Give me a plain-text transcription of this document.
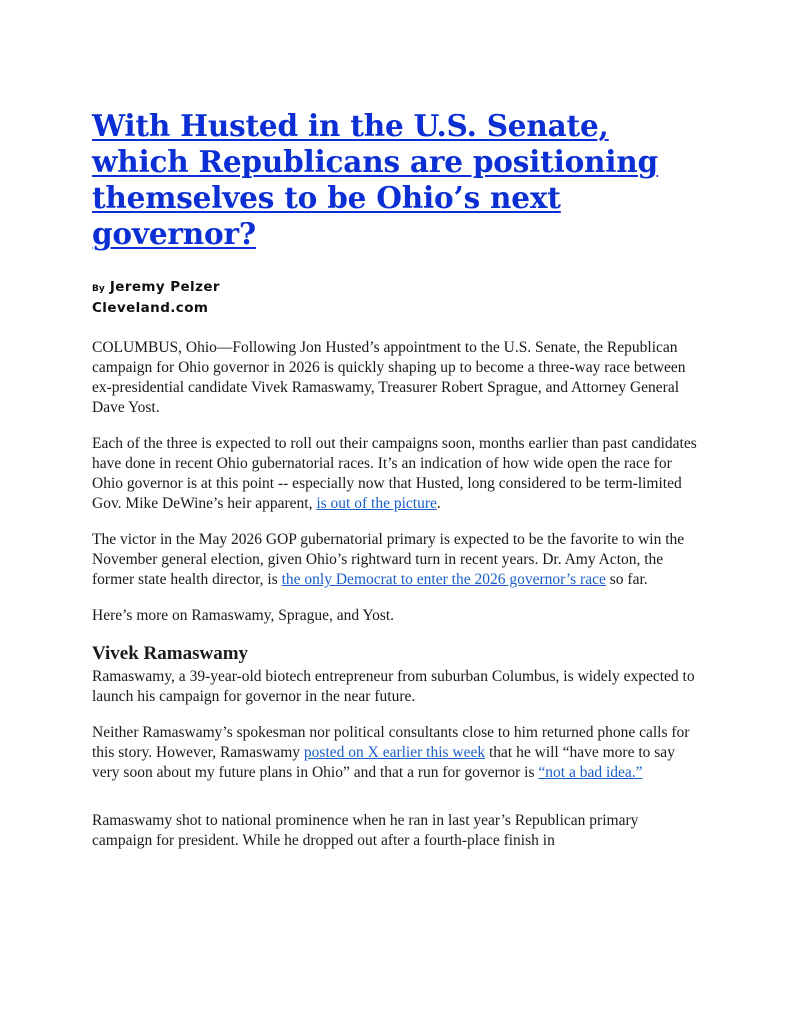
With Husted in the U.S. Senate, which Republicans are positioning themselves to be Ohio’s next governor?
By Jeremy Pelzer
Cleveland.com

COLUMBUS, Ohio—Following Jon Husted’s appointment to the U.S. Senate, the Republican campaign for Ohio governor in 2026 is quickly shaping up to become a three-way race between ex-presidential candidate Vivek Ramaswamy, Treasurer Robert Sprague, and Attorney General Dave Yost.

Each of the three is expected to roll out their campaigns soon, months earlier than past candidates have done in recent Ohio gubernatorial races. It’s an indication of how wide open the race for Ohio governor is at this point -- especially now that Husted, long considered to be term-limited Gov. Mike DeWine’s heir apparent, is out of the picture.

The victor in the May 2026 GOP gubernatorial primary is expected to be the favorite to win the November general election, given Ohio’s rightward turn in recent years. Dr. Amy Acton, the former state health director, is the only Democrat to enter the 2026 governor’s race so far.

Here’s more on Ramaswamy, Sprague, and Yost.

Vivek Ramaswamy

Ramaswamy, a 39-year-old biotech entrepreneur from suburban Columbus, is widely expected to launch his campaign for governor in the near future.

Neither Ramaswamy’s spokesman nor political consultants close to him returned phone calls for this story. However, Ramaswamy posted on X earlier this week that he will “have more to say very soon about my future plans in Ohio” and that a run for governor is “not a bad idea.”

Ramaswamy shot to national prominence when he ran in last year’s Republican primary campaign for president. While he dropped out after a fourth-place finish in
